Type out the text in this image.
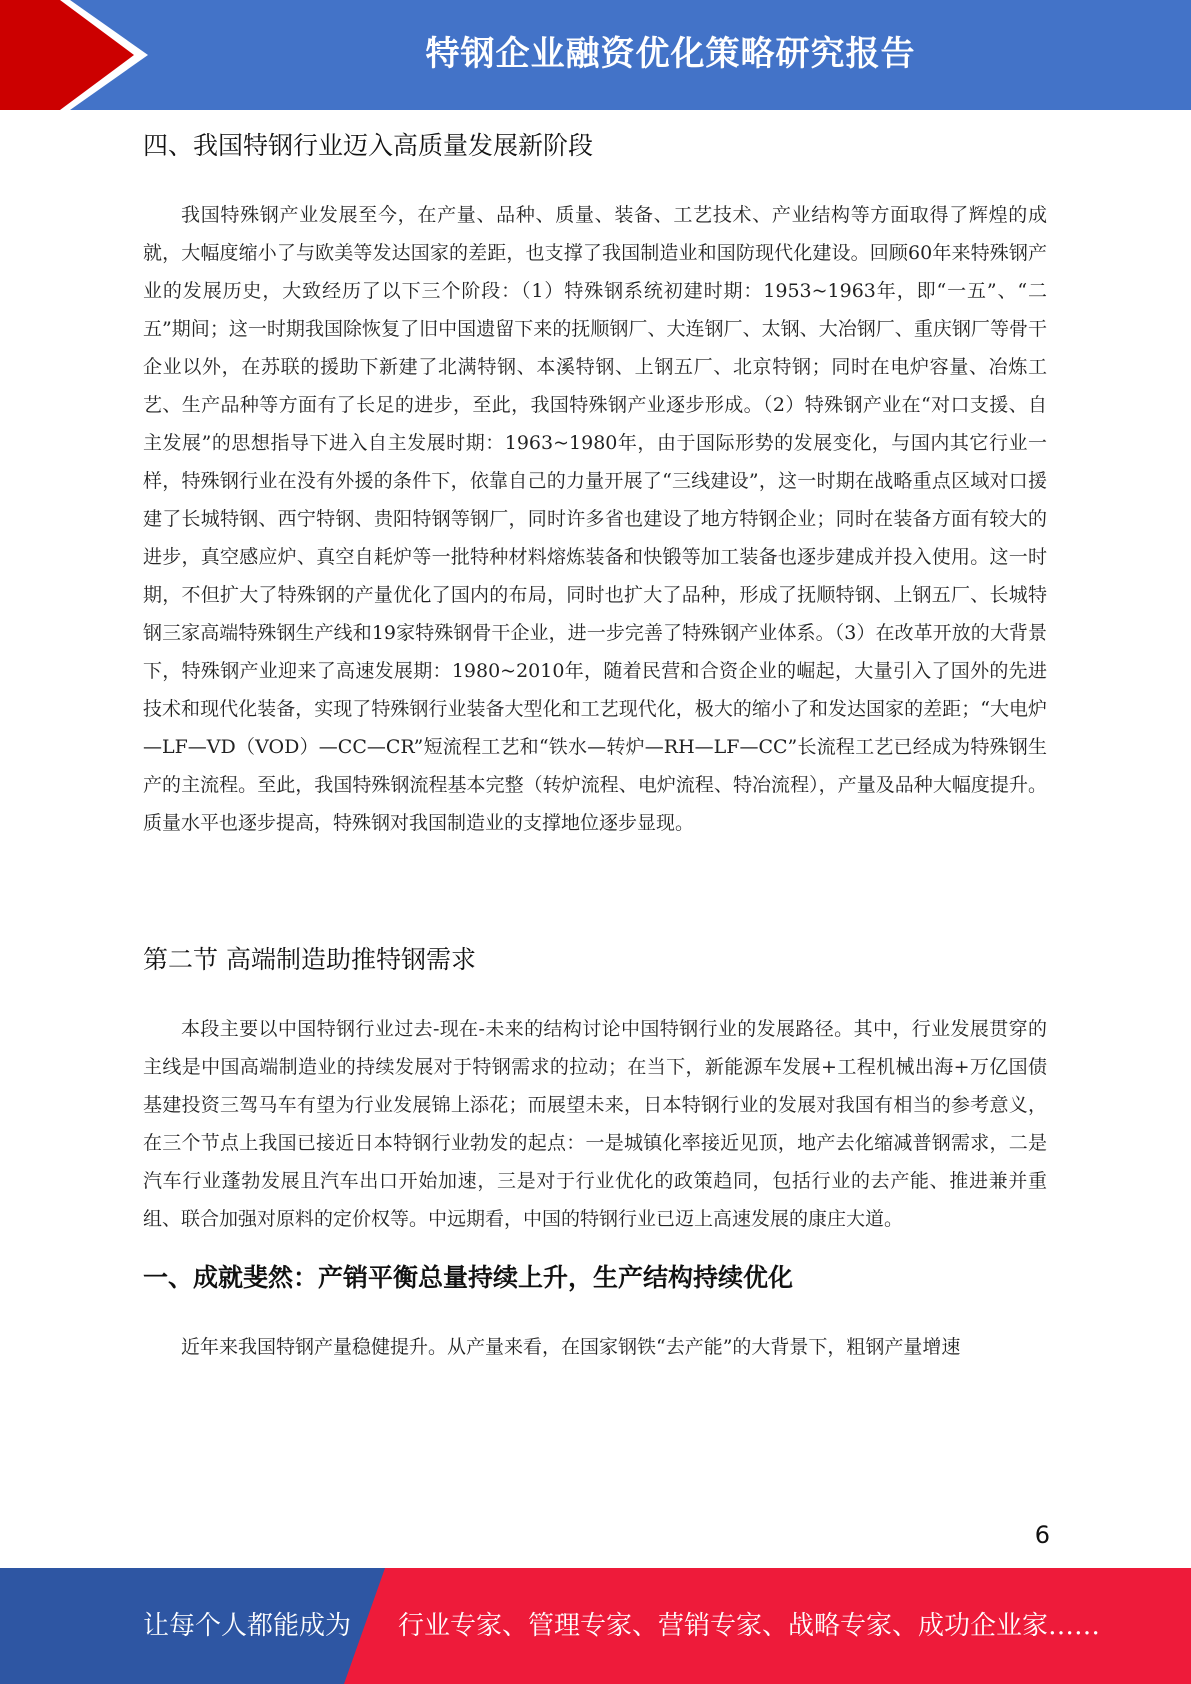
特钢企业融资优化策略研究报告
四、我国特钢行业迈入高质量发展新阶段

我国特殊钢产业发展至今，在产量、品种、质量、装备、工艺技术、产业结构等方面取得了辉煌的成就，大幅度缩小了与欧美等发达国家的差距，也支撑了我国制造业和国防现代化建设。回顾60年来特殊钢产业的发展历史，大致经历了以下三个阶段：（1）特殊钢系统初建时期：1953~1963年，即“一五”、“二五”期间；这一时期我国除恢复了旧中国遗留下来的抚顺钢厂、大连钢厂、太钢、大冶钢厂、重庆钢厂等骨干企业以外，在苏联的援助下新建了北满特钢、本溪特钢、上钢五厂、北京特钢；同时在电炉容量、冶炼工艺、生产品种等方面有了长足的进步，至此，我国特殊钢产业逐步形成。（2）特殊钢产业在“对口支援、自主发展”的思想指导下进入自主发展时期：1963~1980年，由于国际形势的发展变化，与国内其它行业一样，特殊钢行业在没有外援的条件下，依靠自己的力量开展了“三线建设”，这一时期在战略重点区域对口援建了长城特钢、西宁特钢、贵阳特钢等钢厂，同时许多省也建设了地方特钢企业；同时在装备方面有较大的进步，真空感应炉、真空自耗炉等一批特种材料熔炼装备和快锻等加工装备也逐步建成并投入使用。这一时期，不但扩大了特殊钢的产量优化了国内的布局，同时也扩大了品种，形成了抚顺特钢、上钢五厂、长城特钢三家高端特殊钢生产线和19家特殊钢骨干企业，进一步完善了特殊钢产业体系。（3）在改革开放的大背景下，特殊钢产业迎来了高速发展期：1980~2010年，随着民营和合资企业的崛起，大量引入了国外的先进技术和现代化装备，实现了特殊钢行业装备大型化和工艺现代化，极大的缩小了和发达国家的差距；“大电炉—LF—VD（VOD）—CC—CR”短流程工艺和“铁水—转炉—RH—LF—CC”长流程工艺已经成为特殊钢生产的主流程。至此，我国特殊钢流程基本完整（转炉流程、电炉流程、特冶流程），产量及品种大幅度提升。质量水平也逐步提高，特殊钢对我国制造业的支撑地位逐步显现。

第二节 高端制造助推特钢需求

本段主要以中国特钢行业过去-现在-未来的结构讨论中国特钢行业的发展路径。其中，行业发展贯穿的主线是中国高端制造业的持续发展对于特钢需求的拉动；在当下，新能源车发展+工程机械出海+万亿国债基建投资三驾马车有望为行业发展锦上添花；而展望未来，日本特钢行业的发展对我国有相当的参考意义，在三个节点上我国已接近日本特钢行业勃发的起点：一是城镇化率接近见顶，地产去化缩减普钢需求，二是汽车行业蓬勃发展且汽车出口开始加速，三是对于行业优化的政策趋同，包括行业的去产能、推进兼并重组、联合加强对原料的定价权等。中远期看，中国的特钢行业已迈上高速发展的康庄大道。

一、成就斐然：产销平衡总量持续上升，生产结构持续优化

近年来我国特钢产量稳健提升。从产量来看，在国家钢铁“去产能”的大背景下，粗钢产量增速

6
让每个人都能成为 行业专家、管理专家、营销专家、战略专家、成功企业家……
